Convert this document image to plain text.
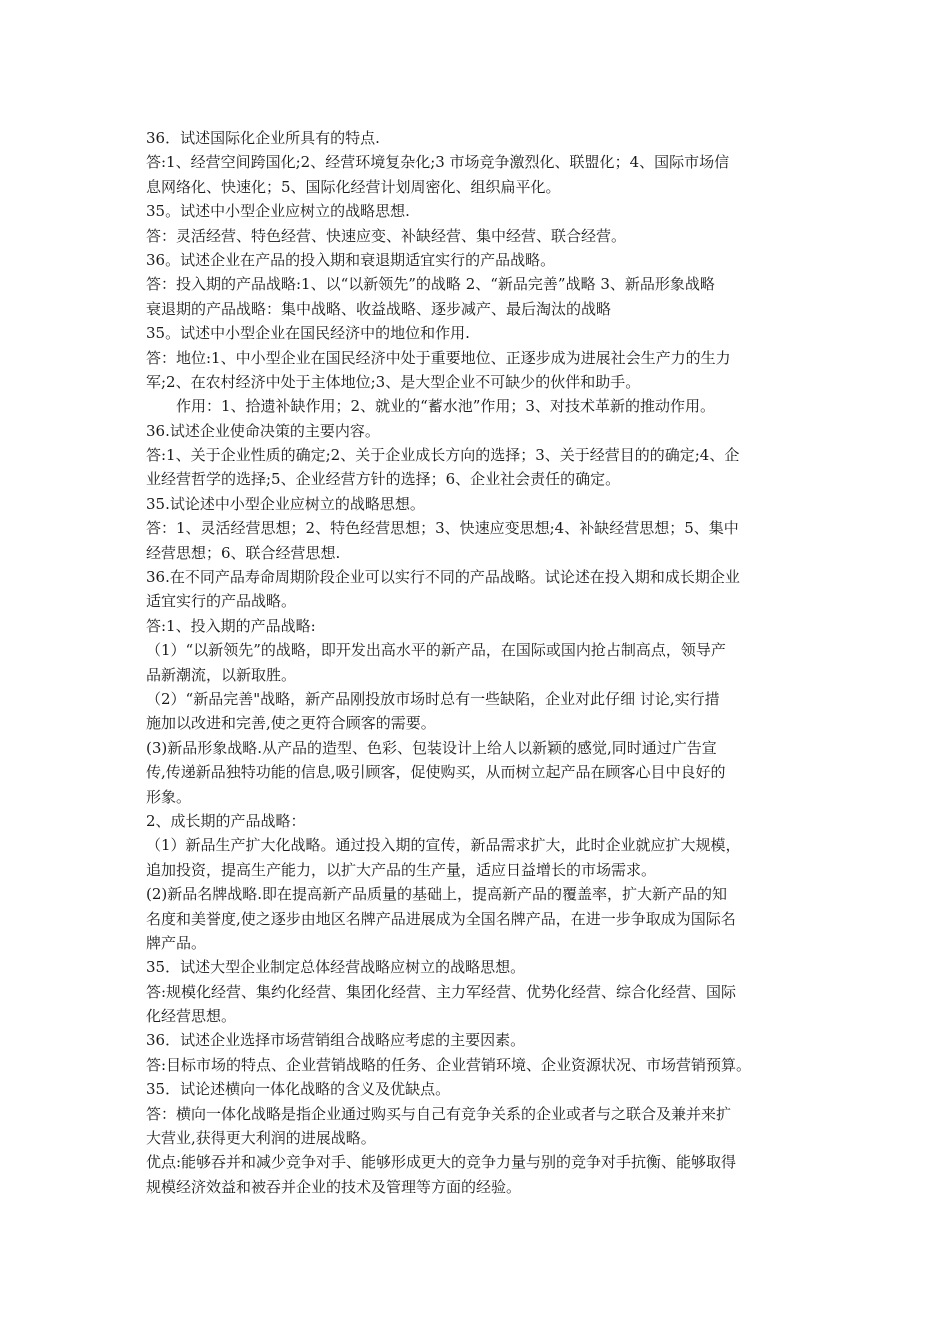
36．试述国际化企业所具有的特点.
答:1、经营空间跨国化;2、经营环境复杂化;3 市场竞争激烈化、联盟化；4、国际市场信
息网络化、快速化；5、国际化经营计划周密化、组织扁平化。
35。试述中小型企业应树立的战略思想.
答：灵活经营、特色经营、快速应变、补缺经营、集中经营、联合经营。
36。试述企业在产品的投入期和衰退期适宜实行的产品战略。
答：投入期的产品战略:1、以“以新领先”的战略 2、“新品完善”战略 3、新品形象战略
衰退期的产品战略：集中战略、收益战略、逐步减产、最后淘汰的战略
35。试述中小型企业在国民经济中的地位和作用.
答：地位:1、中小型企业在国民经济中处于重要地位、正逐步成为进展社会生产力的生力
军;2、在农村经济中处于主体地位;3、是大型企业不可缺少的伙伴和助手。
作用：1、拾遗补缺作用；2、就业的“蓄水池”作用；3、对技术革新的推动作用。
36.试述企业使命决策的主要内容。
答:1、关于企业性质的确定;2、关于企业成长方向的选择；3、关于经营目的的确定;4、企
业经营哲学的选择;5、企业经营方针的选择；6、企业社会责任的确定。
35.试论述中小型企业应树立的战略思想。
答：1、灵活经营思想；2、特色经营思想；3、快速应变思想;4、补缺经营思想；5、集中
经营思想；6、联合经营思想.
36.在不同产品寿命周期阶段企业可以实行不同的产品战略。试论述在投入期和成长期企业
适宜实行的产品战略。
答:1、投入期的产品战略:
（1）“以新领先”的战略，即开发出高水平的新产品，在国际或国内抢占制高点，领导产
品新潮流，以新取胜。
（2）“新品完善"战略，新产品刚投放市场时总有一些缺陷，企业对此仔细 讨论,实行措
施加以改进和完善,使之更符合顾客的需要。
(3)新品形象战略.从产品的造型、色彩、包装设计上给人以新颖的感觉,同时通过广告宣
传,传递新品独特功能的信息,吸引顾客，促使购买，从而树立起产品在顾客心目中良好的
形象。
2、成长期的产品战略：
（1）新品生产扩大化战略。通过投入期的宣传，新品需求扩大，此时企业就应扩大规模，
追加投资，提高生产能力，以扩大产品的生产量，适应日益增长的市场需求。
(2)新品名牌战略.即在提高新产品质量的基础上，提高新产品的覆盖率，扩大新产品的知
名度和美誉度,使之逐步由地区名牌产品进展成为全国名牌产品，在进一步争取成为国际名
牌产品。
35．试述大型企业制定总体经营战略应树立的战略思想。
答:规模化经营、集约化经营、集团化经营、主力军经营、优势化经营、综合化经营、国际
化经营思想。
36．试述企业选择市场营销组合战略应考虑的主要因素。
答:目标市场的特点、企业营销战略的任务、企业营销环境、企业资源状况、市场营销预算。
35．试论述横向一体化战略的含义及优缺点。
答：横向一体化战略是指企业通过购买与自己有竞争关系的企业或者与之联合及兼并来扩
大营业,获得更大利润的进展战略。
优点:能够吞并和减少竞争对手、能够形成更大的竞争力量与别的竞争对手抗衡、能够取得
规模经济效益和被吞并企业的技术及管理等方面的经验。
